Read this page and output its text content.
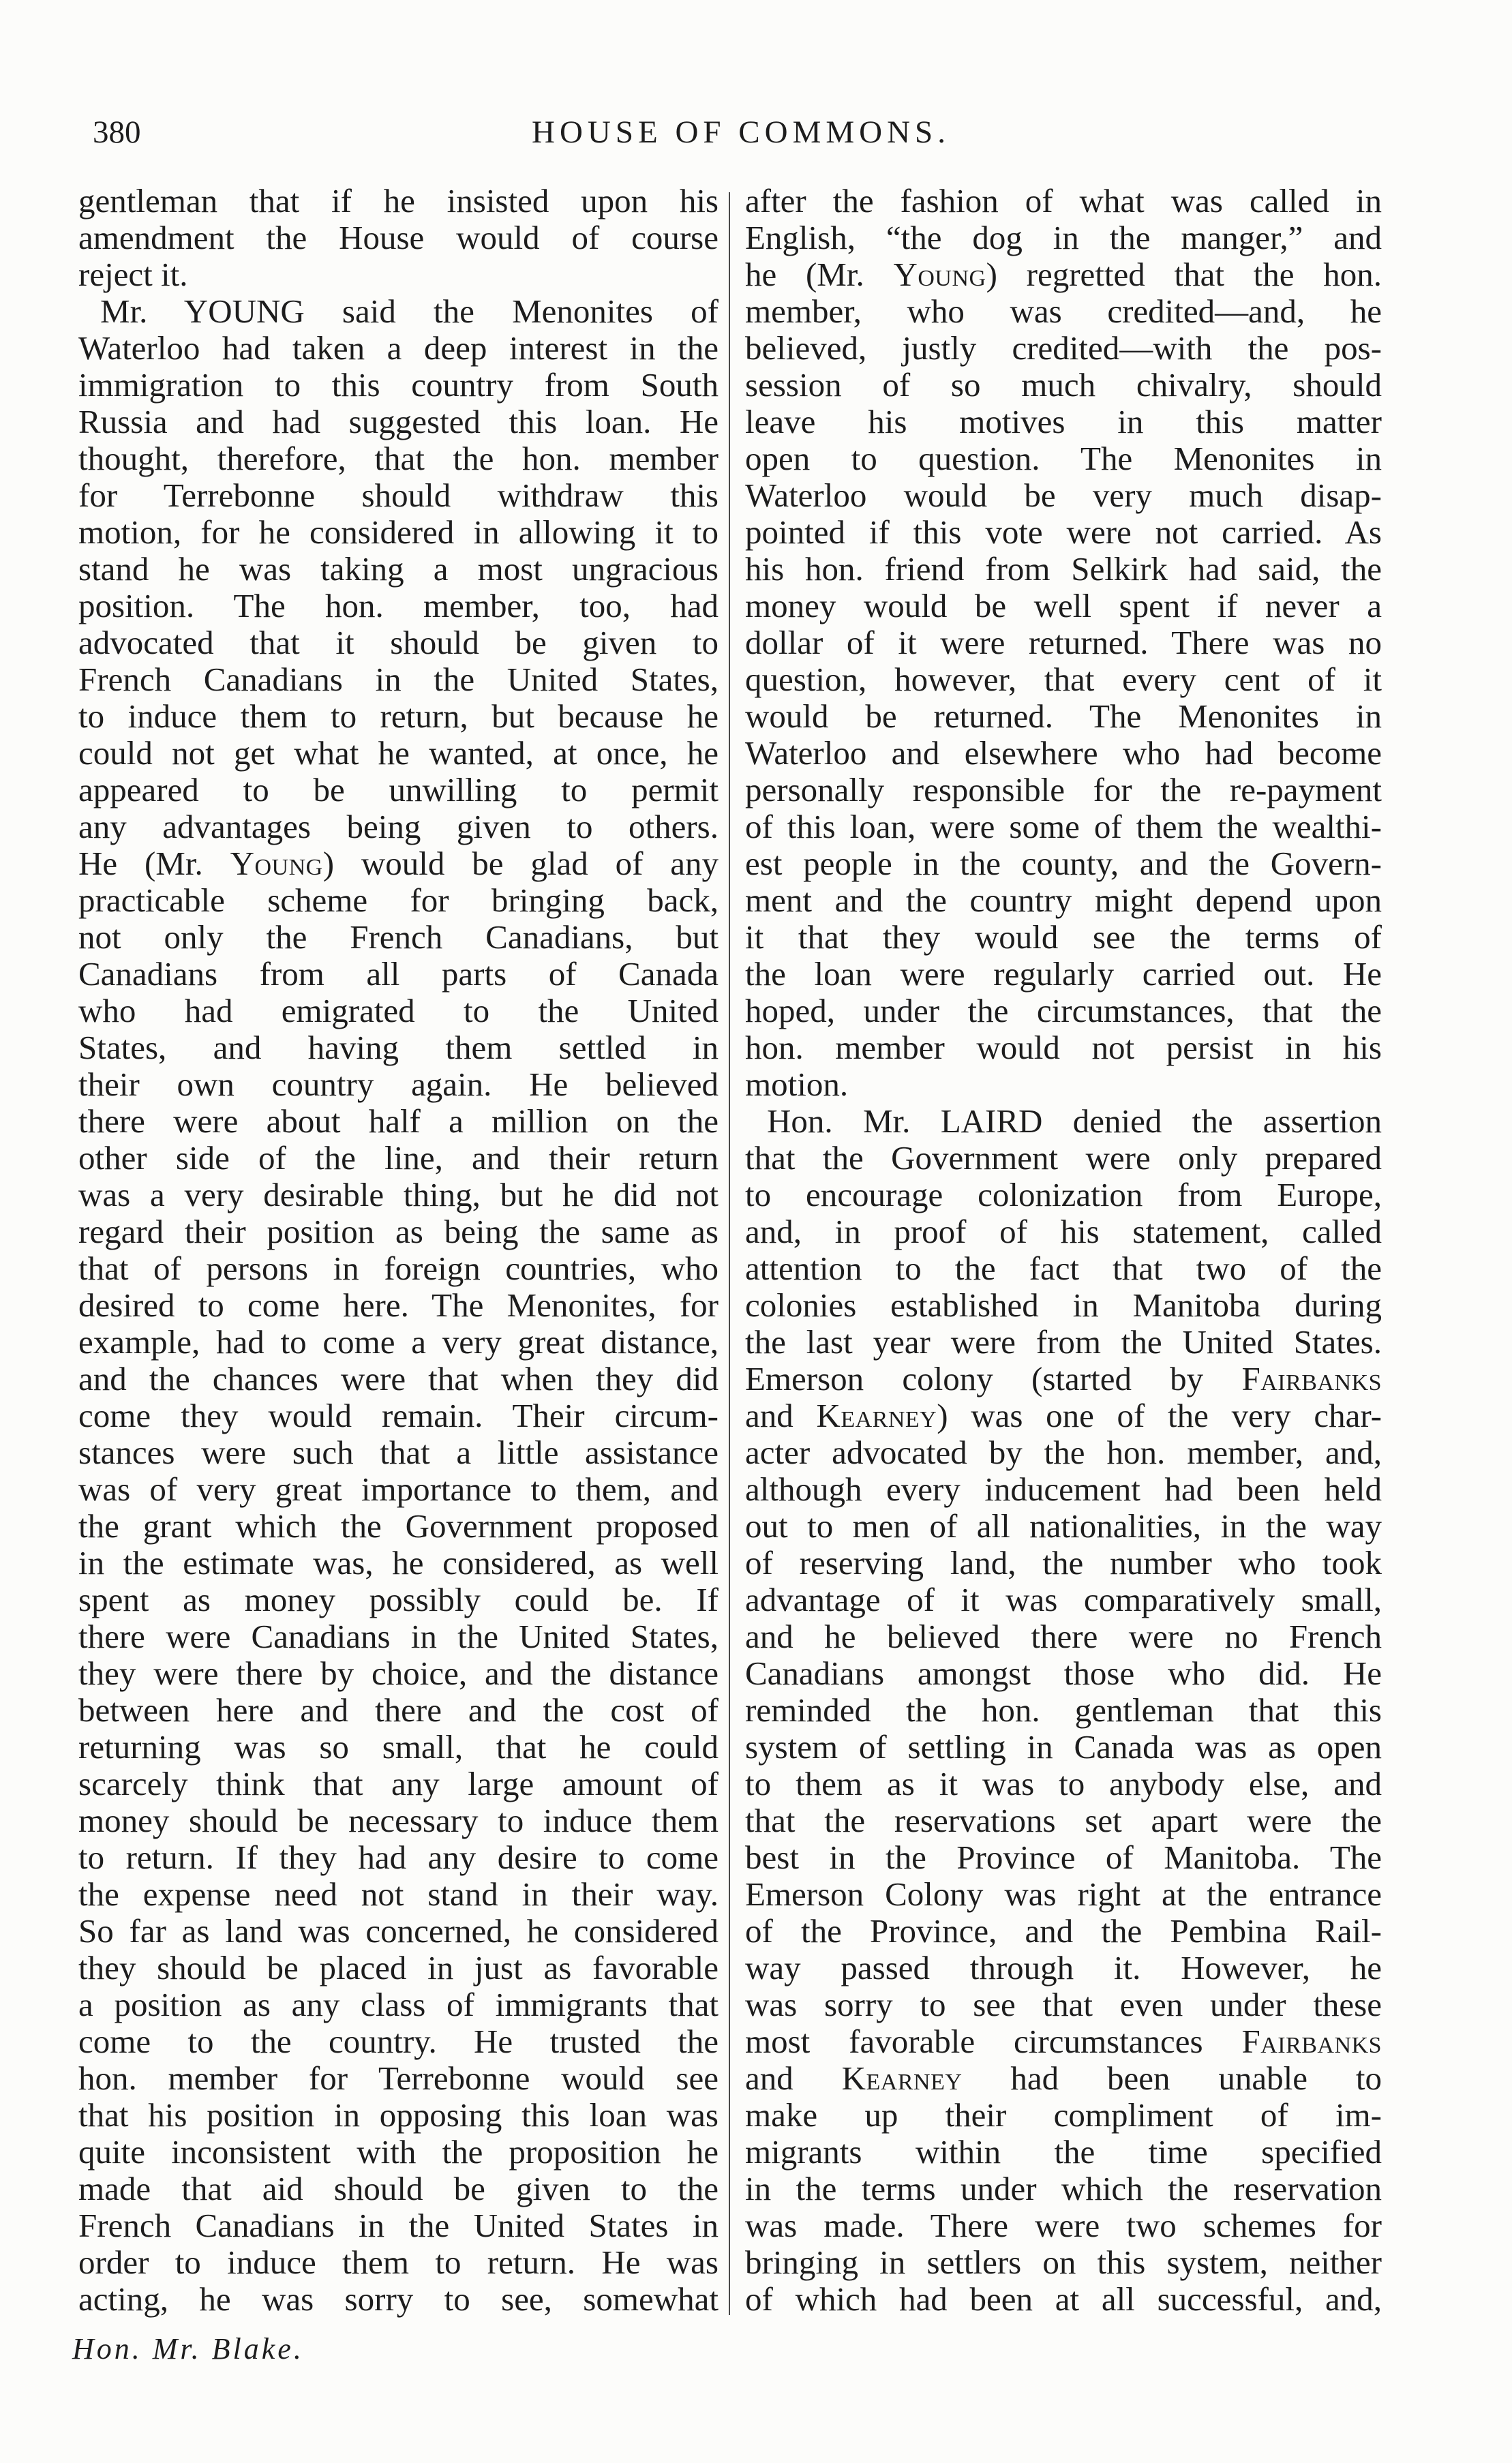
380	HOUSE OF COMMONS.
gentleman that if he insisted upon his
amendment the House would of course
reject it.
Mr. YOUNG said the Menonites of
Waterloo had taken a deep interest in the
immigration to this country from South
Russia and had suggested this loan. He
thought, therefore, that the hon. member
for Terrebonne should withdraw this
motion, for he considered in allowing it to
stand he was taking a most ungracious
position. The hon. member, too, had
advocated that it should be given to
French Canadians in the United States,
to induce them to return, but because he
could not get what he wanted, at once, he
appeared to be unwilling to permit
any advantages being given to others.
He (Mr. Young) would be glad of any
practicable scheme for bringing back,
not only the French Canadians, but
Canadians from all parts of Canada
who had emigrated to the United
States, and having them settled in
their own country again. He believed
there were about half a million on the
other side of the line, and their return
was a very desirable thing, but he did not
regard their position as being the same as
that of persons in foreign countries, who
desired to come here. The Menonites, for
example, had to come a very great distance,
and the chances were that when they did
come they would remain. Their circum-
stances were such that a little assistance
was of very great importance to them, and
the grant which the Government proposed
in the estimate was, he considered, as well
spent as money possibly could be. If
there were Canadians in the United States,
they were there by choice, and the distance
between here and there and the cost of
returning was so small, that he could
scarcely think that any large amount of
money should be necessary to induce them
to return. If they had any desire to come
the expense need not stand in their way.
So far as land was concerned, he considered
they should be placed in just as favorable
a position as any class of immigrants that
come to the country. He trusted the
hon. member for Terrebonne would see
that his position in opposing this loan was
quite inconsistent with the proposition he
made that aid should be given to the
French Canadians in the United States in
order to induce them to return. He was
acting, he was sorry to see, somewhat
after the fashion of what was called in
English, “the dog in the manger,” and
he (Mr. Young) regretted that the hon.
member, who was credited—and, he
believed, justly credited—with the pos-
session of so much chivalry, should
leave his motives in this matter
open to question. The Menonites in
Waterloo would be very much disap-
pointed if this vote were not carried. As
his hon. friend from Selkirk had said, the
money would be well spent if never a
dollar of it were returned. There was no
question, however, that every cent of it
would be returned. The Menonites in
Waterloo and elsewhere who had become
personally responsible for the re-payment
of this loan, were some of them the wealthi-
est people in the county, and the Govern-
ment and the country might depend upon
it that they would see the terms of
the loan were regularly carried out. He
hoped, under the circumstances, that the
hon. member would not persist in his
motion.
Hon. Mr. LAIRD denied the assertion
that the Government were only prepared
to encourage colonization from Europe,
and, in proof of his statement, called
attention to the fact that two of the
colonies established in Manitoba during
the last year were from the United States.
Emerson colony (started by Fairbanks
and Kearney) was one of the very char-
acter advocated by the hon. member, and,
although every inducement had been held
out to men of all nationalities, in the way
of reserving land, the number who took
advantage of it was comparatively small,
and he believed there were no French
Canadians amongst those who did. He
reminded the hon. gentleman that this
system of settling in Canada was as open
to them as it was to anybody else, and
that the reservations set apart were the
best in the Province of Manitoba. The
Emerson Colony was right at the entrance
of the Province, and the Pembina Rail-
way passed through it. However, he
was sorry to see that even under these
most favorable circumstances Fairbanks
and Kearney had been unable to
make up their compliment of im-
migrants within the time specified
in the terms under which the reservation
was made. There were two schemes for
bringing in settlers on this system, neither
of which had been at all successful, and,
Hon. Mr. Blake.
